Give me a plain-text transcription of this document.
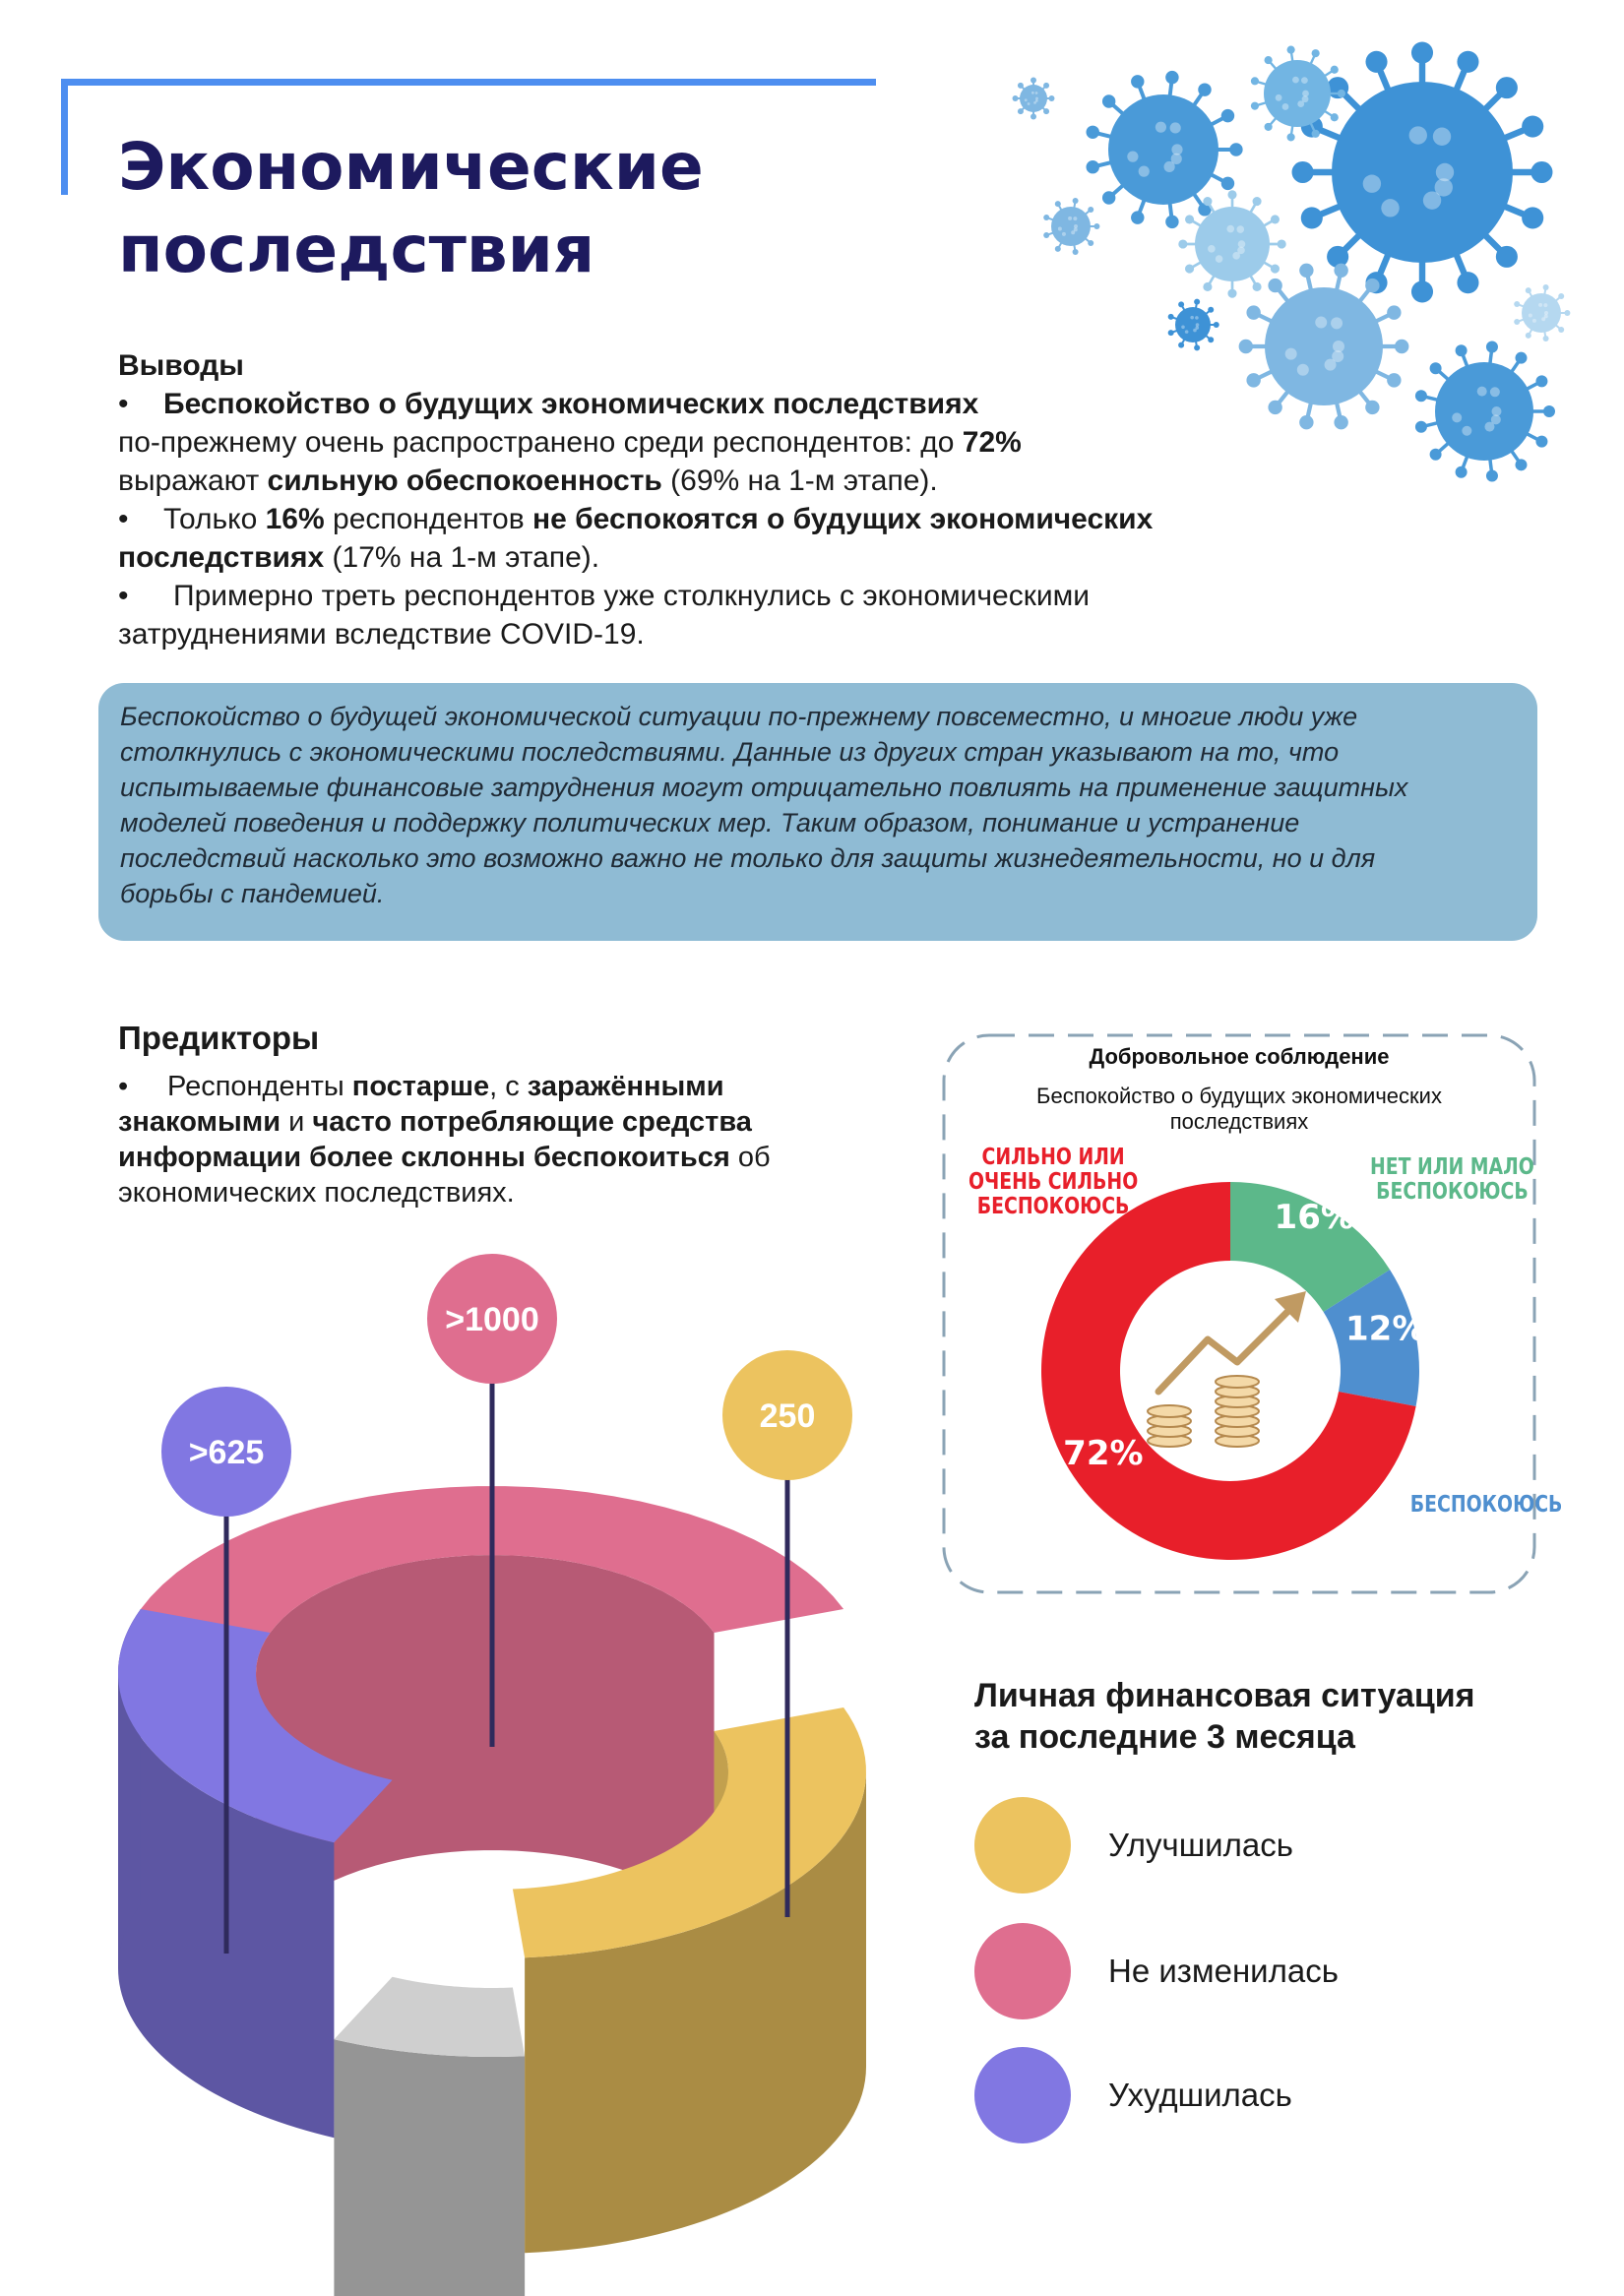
Экономические
последствия

Выводы

• Беспокойство о будущих экономических последствиях

по-прежнему очень распространено среди респондентов: до 72%

выражают сильную обеспокоенность (69% на 1-м этапе).

• Только 16% респондентов не беспокоятся о будущих экономических

последствиях (17% на 1-м этапе).

• Примерно треть респондентов уже столкнулись с экономическими

затруднениями вследствие COVID-19.

Беспокойство о будущей экономической ситуации по-прежнему повсеместно, и многие люди уже
столкнулись с экономическими последствиями. Данные из других стран указывают на то, что
испытываемые финансовые затруднения могут отрицательно повлиять на применение защитных
моделей поведения и поддержку политических мер. Таким образом, понимание и устранение
последствий насколько это возможно важно не только для защиты жизнедеятельности, но и для
борьбы с пандемией.
Предикторы
• Респонденты постарше, с заражёнными
знакомыми и часто потребляющие средства
информации более склонны беспокоиться об
экономических последствиях.
Добровольное соблюдение
Беспокойство о будущих экономических
последствиях
72%
16%
12%
СИЛЬНО ИЛИ
ОЧЕНЬ СИЛЬНО
БЕСПОКОЮСЬ
НЕТ ИЛИ МАЛО
БЕСПОКОЮСЬ
БЕСПОКОЮСЬ
>625
>1000
250
Личная финансовая ситуация
за последние 3 месяца
Улучшилась
Не изменилась
Ухудшилась
